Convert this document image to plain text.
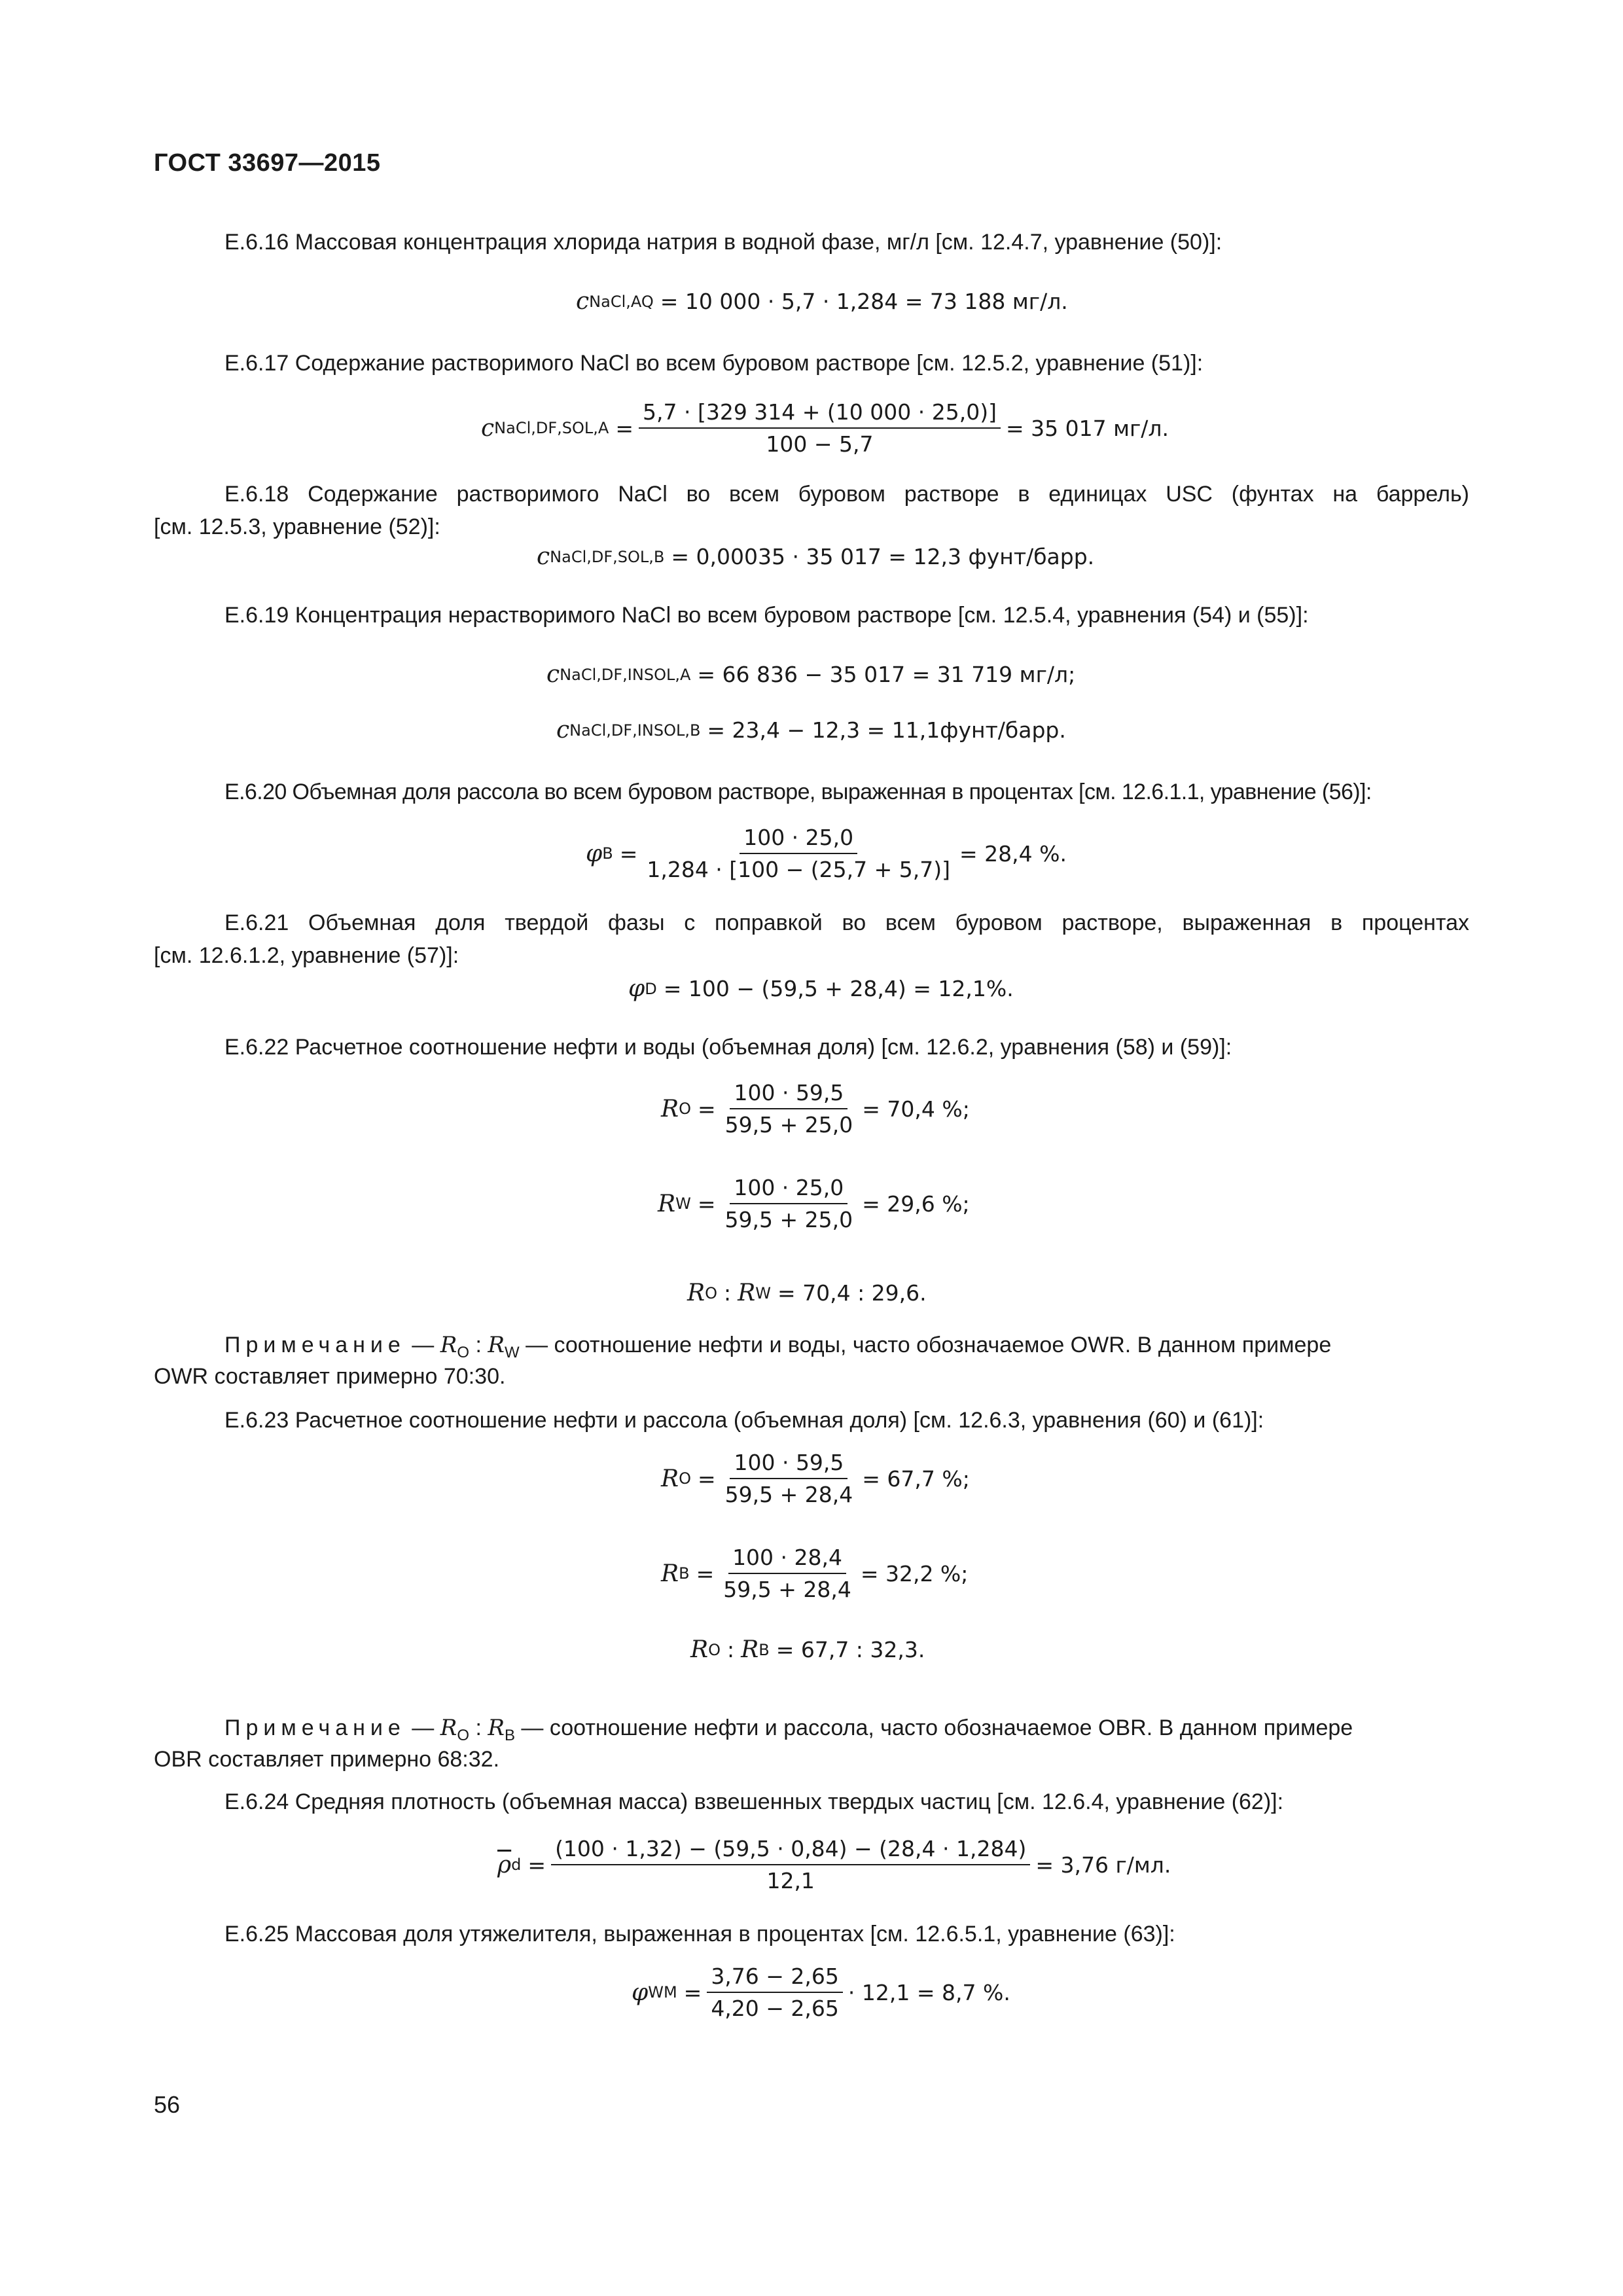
ГОСТ 33697—2015
Е.6.16 Массовая концентрация хлорида натрия в водной фазе, мг/л [см. 12.4.7, уравнение (50)]:
c NaCl,AQ = 10 000 · 5,7 · 1,284 = 73 188 мг/л.
Е.6.17 Содержание растворимого NaCl во всем буровом растворе [см. 12.5.2, уравнение (51)]:
c NaCl,DF,SOL,A = $\frac{5,7 \cdot [329 314 + (10 000 \cdot 25,0)]}{100 - 5,7} = 35$ 017 мг/л.
Е.6.18 Содержание растворимого NaCl во всем буровом растворе в единицах USC (фунтах на баррель)
[см. 12.5.3, уравнение (52)]:
c NaCl,DF,SOL,B = 0,00035 · 35 017 = 12,3 фунт/барр.
Е.6.19 Концентрация нерастворимого NaCl во всем буровом растворе [см. 12.5.4, уравнения (54) и (55)]:
c NaCl,DF,INSOL,A = 66 836 − 35 017 = 31 719 мг/л;
c NaCl,DF,INSOL,B = 23,4 − 12,3 = 11,1фунт/барр.
Е.6.20 Объемная доля рассола во всем буровом растворе, выраженная в процентах [см. 12.6.1.1, уравнение (56)]:
φ $B = \frac{100 \cdot 25,0}{1,284 \cdot [100 - (25,7 + 5,7)]} = 28,4$ %.
Е.6.21 Объемная доля твердой фазы с поправкой во всем буровом растворе, выраженная в процентах
[см. 12.6.1.2, уравнение (57)]:
φ D = 100 − (59,5 + 28,4) = 12,1%.
Е.6.22 Расчетное соотношение нефти и воды (объемная доля) [см. 12.6.2, уравнения (58) и (59)]:
R $O = \frac{100 \cdot 59,5}{59,5 + 25,0} = 70,4$ %;
R $W = \frac{100 \cdot 25,0}{59,5 + 25,0} = 29,6$ %;
R O : R W = 70,4 : 29,6.
Примечание — $R_O$ : $R_W$ — соотношение нефти и воды, часто обозначаемое OWR. В данном примере
OWR составляет примерно 70:30.
Е.6.23 Расчетное соотношение нефти и рассола (объемная доля) [см. 12.6.3, уравнения (60) и (61)]:
R $O = \frac{100 \cdot 59,5}{59,5 + 28,4} = 67,7$ %;
R $B = \frac{100 \cdot 28,4}{59,5 + 28,4} = 32,2$ %;
R O : R B = 67,7 : 32,3.
Примечание — $R_O$ : $R_B$ — соотношение нефти и рассола, часто обозначаемое OBR. В данном примере
OBR составляет примерно 68:32.
Е.6.24 Средняя плотность (объемная масса) взвешенных твердых частиц [см. 12.6.4, уравнение (62)]:
$\overline{\rho}$ $d = \frac{(100 \cdot 1,32) - (59,5 \cdot 0,84) - (28,4 \cdot 1,284)}{12,1} = 3,76$ г/мл.
Е.6.25 Массовая доля утяжелителя, выраженная в процентах [см. 12.6.5.1, уравнение (63)]:
φ WM = $\frac{3,76 - 2,65}{4,20 - 2,65} \cdot 12,1 = 8,7$ %.
56
